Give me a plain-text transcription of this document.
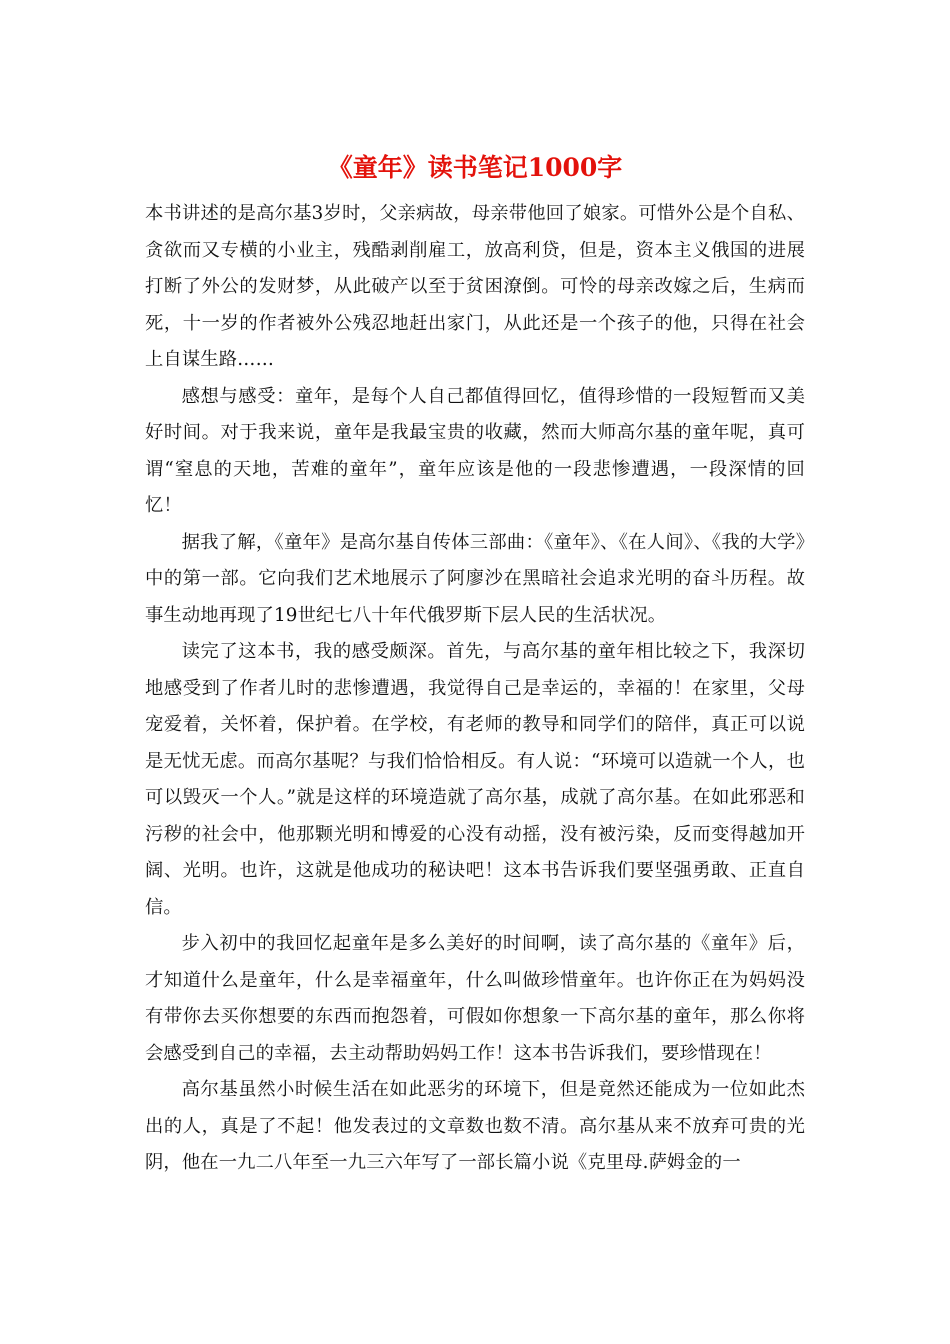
《童年》读书笔记1000字

本书讲述的是高尔基3岁时，父亲病故，母亲带他回了娘家。可惜外公是个自私、贪欲而又专横的小业主，残酷剥削雇工，放高利贷，但是，资本主义俄国的进展打断了外公的发财梦，从此破产以至于贫困潦倒。可怜的母亲改嫁之后，生病而死，十一岁的作者被外公残忍地赶出家门，从此还是一个孩子的他，只得在社会上自谋生路……

感想与感受：童年，是每个人自己都值得回忆，值得珍惜的一段短暂而又美好时间。对于我来说，童年是我最宝贵的收藏，然而大师高尔基的童年呢，真可谓“窒息的天地，苦难的童年”，童年应该是他的一段悲惨遭遇，一段深情的回忆！

据我了解，《童年》是高尔基自传体三部曲：《童年》、《在人间》、《我的大学》中的第一部。它向我们艺术地展示了阿廖沙在黑暗社会追求光明的奋斗历程。故事生动地再现了19世纪七八十年代俄罗斯下层人民的生活状况。

读完了这本书，我的感受颇深。首先，与高尔基的童年相比较之下，我深切地感受到了作者儿时的悲惨遭遇，我觉得自己是幸运的，幸福的！在家里，父母宠爱着，关怀着，保护着。在学校，有老师的教导和同学们的陪伴，真正可以说是无忧无虑。而高尔基呢？与我们恰恰相反。有人说：“环境可以造就一个人，也可以毁灭一个人。”就是这样的环境造就了高尔基，成就了高尔基。在如此邪恶和污秽的社会中，他那颗光明和博爱的心没有动摇，没有被污染，反而变得越加开阔、光明。也许，这就是他成功的秘诀吧！这本书告诉我们要坚强勇敢、正直自信。

步入初中的我回忆起童年是多么美好的时间啊，读了高尔基的《童年》后，才知道什么是童年，什么是幸福童年，什么叫做珍惜童年。也许你正在为妈妈没有带你去买你想要的东西而抱怨着，可假如你想象一下高尔基的童年，那么你将会感受到自己的幸福，去主动帮助妈妈工作！这本书告诉我们，要珍惜现在！

高尔基虽然小时候生活在如此恶劣的环境下，但是竟然还能成为一位如此杰出的人，真是了不起！他发表过的文章数也数不清。高尔基从来不放弃可贵的光阴，他在一九二八年至一九三六年写了一部长篇小说《克里母.萨姆金的一
